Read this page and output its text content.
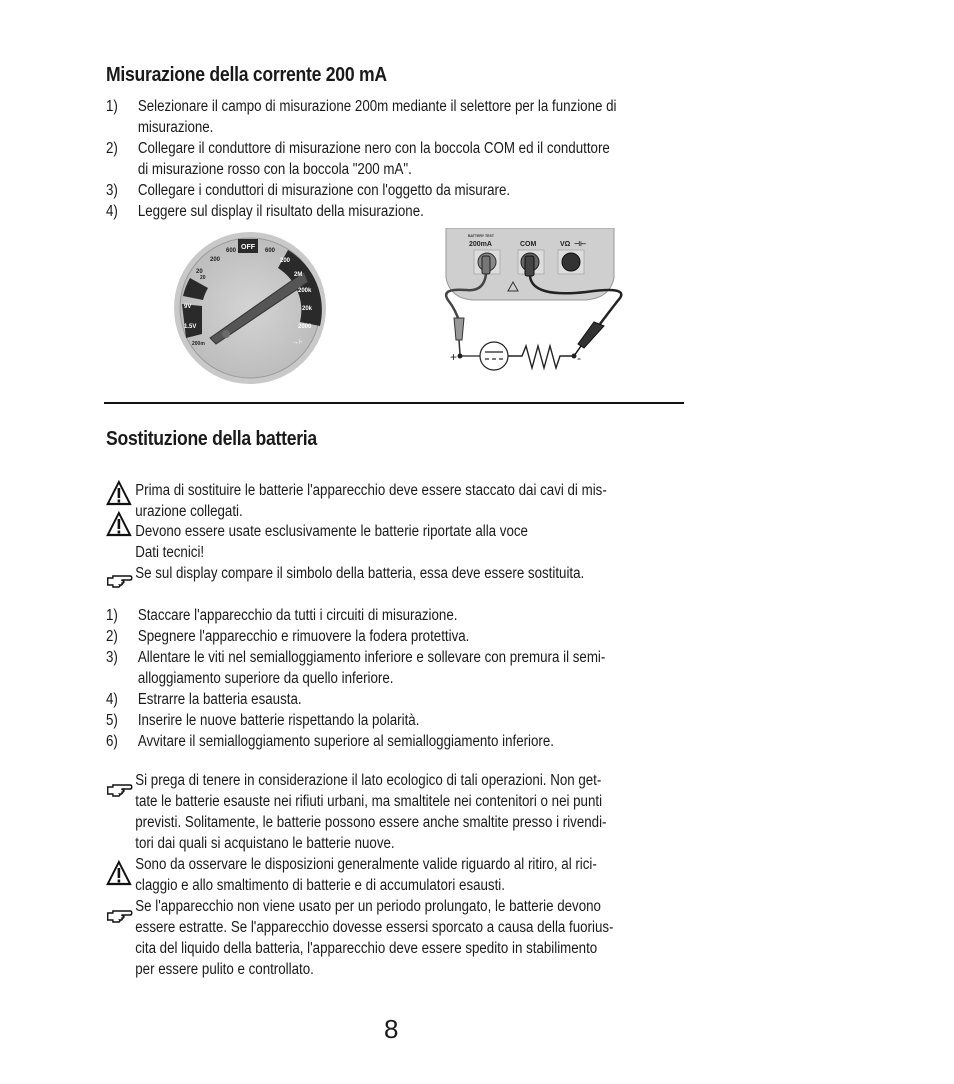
Misurazione della corrente 200 mA
1) Selezionare il campo di misurazione 200m mediante il selettore per la funzione di
misurazione.
2) Collegare il conduttore di misurazione nero con la boccola COM ed il conduttore
di misurazione rosso con la boccola "200 mA".
3) Collegare i conduttori di misurazione con l'oggetto da misurare.
4) Leggere sul display il risultato della misurazione.
OFF
600	600
200	200
20	2M
20
2	200k
20k
2000
9V
1.5V
200m	→⊦
BATTERY TEST
200mA	COM	VΩ ⊣⊢
+	-
Sostituzione della batteria
Prima di sostituire le batterie l'apparecchio deve essere staccato dai cavi di mis-
urazione collegati.
Devono essere usate esclusivamente le batterie riportate alla voce
Dati tecnici!
Se sul display compare il simbolo della batteria, essa deve essere sostituita.
1) Staccare l'apparecchio da tutti i circuiti di misurazione.
2) Spegnere l'apparecchio e rimuovere la fodera protettiva.
3) Allentare le viti nel semialloggiamento inferiore e sollevare con premura il semi-
alloggiamento superiore da quello inferiore.
4) Estrarre la batteria esausta.
5) Inserire le nuove batterie rispettando la polarità.
6) Avvitare il semialloggiamento superiore al semialloggiamento inferiore.
Si prega di tenere in considerazione il lato ecologico di tali operazioni. Non get-
tate le batterie esauste nei rifiuti urbani, ma smaltitele nei contenitori o nei punti
previsti. Solitamente, le batterie possono essere anche smaltite presso i rivendi-
tori dai quali si acquistano le batterie nuove.
Sono da osservare le disposizioni generalmente valide riguardo al ritiro, al rici-
claggio e allo smaltimento di batterie e di accumulatori esausti.
Se l'apparecchio non viene usato per un periodo prolungato, le batterie devono
essere estratte. Se l'apparecchio dovesse essersi sporcato a causa della fuorius-
cita del liquido della batteria, l'apparecchio deve essere spedito in stabilimento
per essere pulito e controllato.
8
